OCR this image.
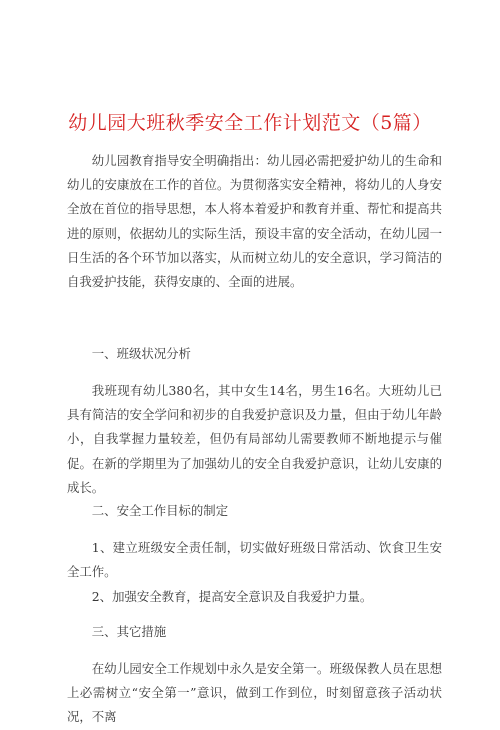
幼儿园大班秋季安全工作计划范文（5篇）
幼儿园教育指导安全明确指出：幼儿园必需把爱护幼儿的生命和幼儿的安康放在工作的首位。为贯彻落实安全精神，将幼儿的人身安全放在首位的指导思想，本人将本着爱护和教育并重、帮忙和提高共进的原则，依据幼儿的实际生活，预设丰富的安全活动，在幼儿园一日生活的各个环节加以落实，从而树立幼儿的安全意识，学习简洁的自我爱护技能，获得安康的、全面的进展。
一、班级状况分析
我班现有幼儿380名，其中女生14名，男生16名。大班幼儿已具有简洁的安全学问和初步的自我爱护意识及力量，但由于幼儿年龄小，自我掌握力量较差，但仍有局部幼儿需要教师不断地提示与催促。在新的学期里为了加强幼儿的安全自我爱护意识，让幼儿安康的成长。
二、安全工作目标的制定
1、建立班级安全责任制，切实做好班级日常活动、饮食卫生安全工作。
2、加强安全教育，提高安全意识及自我爱护力量。
三、其它措施
在幼儿园安全工作规划中永久是安全第一。班级保教人员在思想上必需树立“安全第一”意识，做到工作到位，时刻留意孩子活动状况，不离
